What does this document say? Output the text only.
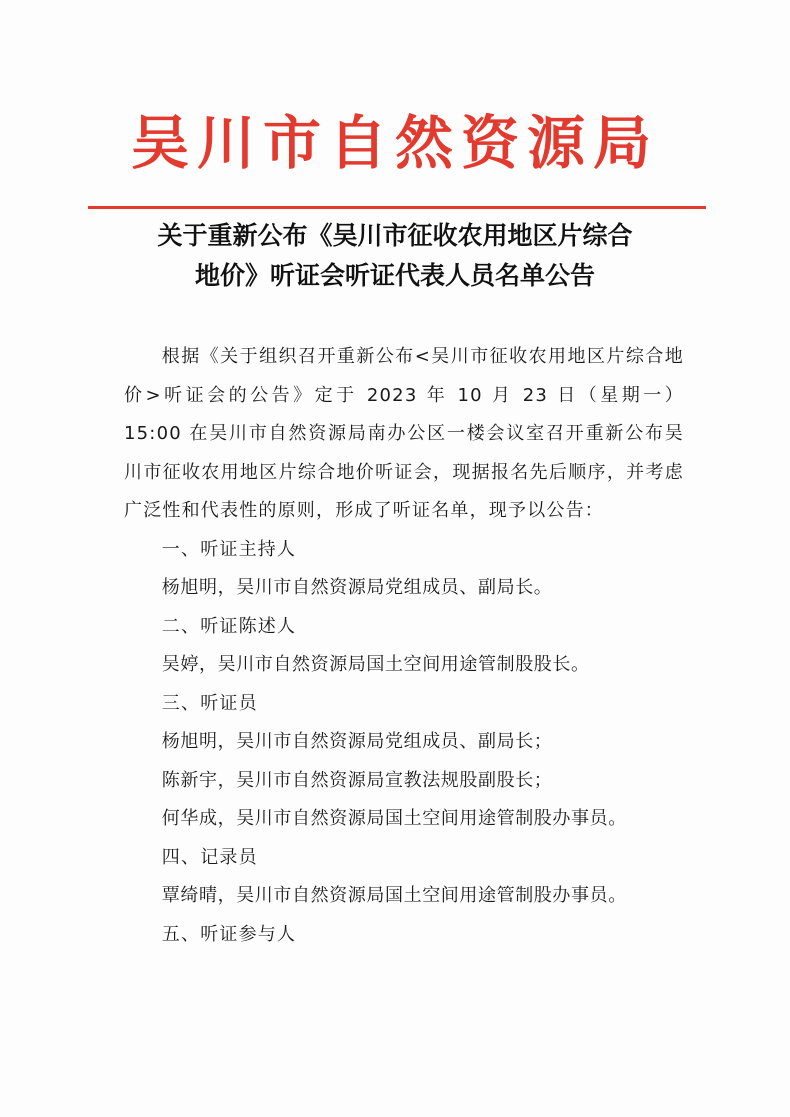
吴川市自然资源局
关于重新公布《吴川市征收农用地区片综合
地价》听证会听证代表人员名单公告
根据《关于组织召开重新公布<吴川市征收农用地区片综合地价>听证会的公告》定于 2023 年 10 月 23 日（星期一）15:00 在吴川市自然资源局南办公区一楼会议室召开重新公布吴川市征收农用地区片综合地价听证会，现据报名先后顺序，并考虑广泛性和代表性的原则，形成了听证名单，现予以公告：
一、听证主持人
杨旭明，吴川市自然资源局党组成员、副局长。
二、听证陈述人
吴婷，吴川市自然资源局国土空间用途管制股股长。
三、听证员
杨旭明，吴川市自然资源局党组成员、副局长；
陈新宇，吴川市自然资源局宣教法规股副股长；
何华成，吴川市自然资源局国土空间用途管制股办事员。
四、记录员
覃绮晴，吴川市自然资源局国土空间用途管制股办事员。
五、听证参与人
